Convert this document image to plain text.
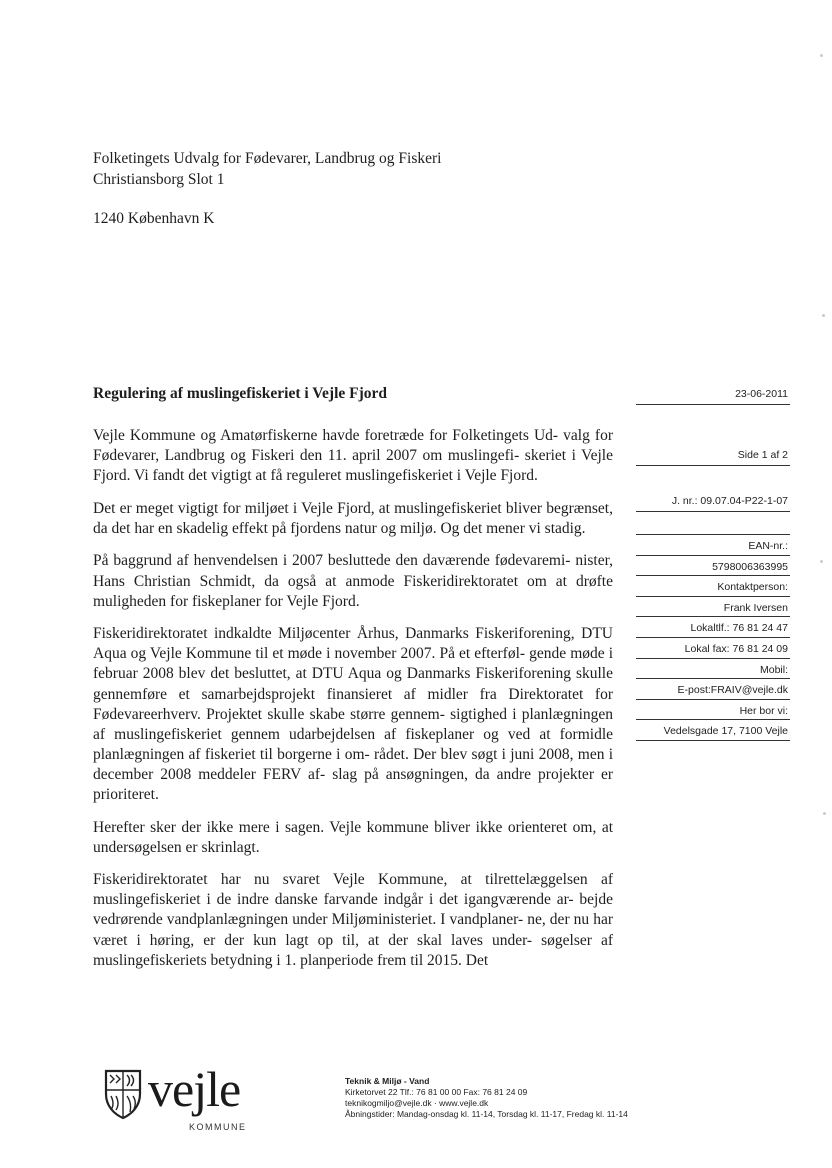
Folketingets Udvalg for Fødevarer, Landbrug og Fiskeri
Christiansborg Slot 1
1240 København K
Regulering af muslingefiskeriet i Vejle Fjord

Vejle Kommune og Amatørfiskerne havde foretræde for Folketingets Ud- valg for Fødevarer, Landbrug og Fiskeri den 11. april 2007 om muslingefi- skeriet i Vejle Fjord. Vi fandt det vigtigt at få reguleret muslingefiskeriet i Vejle Fjord.

Det er meget vigtigt for miljøet i Vejle Fjord, at muslingefiskeriet bliver begrænset, da det har en skadelig effekt på fjordens natur og miljø. Og det mener vi stadig.

På baggrund af henvendelsen i 2007 besluttede den daværende fødevaremi- nister, Hans Christian Schmidt, da også at anmode Fiskeridirektoratet om at drøfte muligheden for fiskeplaner for Vejle Fjord.

Fiskeridirektoratet indkaldte Miljøcenter Århus, Danmarks Fiskeriforening, DTU Aqua og Vejle Kommune til et møde i november 2007. På et efterføl- gende møde i februar 2008 blev det besluttet, at DTU Aqua og Danmarks Fiskeriforening skulle gennemføre et samarbejdsprojekt finansieret af midler fra Direktoratet for Fødevareerhverv. Projektet skulle skabe større gennem- sigtighed i planlægningen af muslingefiskeriet gennem udarbejdelsen af fiskeplaner og ved at formidle planlægningen af fiskeriet til borgerne i om- rådet. Der blev søgt i juni 2008, men i december 2008 meddeler FERV af- slag på ansøgningen, da andre projekter er prioriteret.

Herefter sker der ikke mere i sagen. Vejle kommune bliver ikke orienteret om, at undersøgelsen er skrinlagt.

Fiskeridirektoratet har nu svaret Vejle Kommune, at tilrettelæggelsen af muslingefiskeriet i de indre danske farvande indgår i det igangværende ar- bejde vedrørende vandplanlægningen under Miljøministeriet. I vandplaner- ne, der nu har været i høring, er der kun lagt op til, at der skal laves under- søgelser af muslingefiskeriets betydning i 1. planperiode frem til 2015. Det

23-06-2011
Side 1 af 2
J. nr.: 09.07.04-P22-1-07
EAN-nr.:
5798006363995
Kontaktperson:
Frank Iversen
Lokaltlf.: 76 81 24 47
Lokal fax: 76 81 24 09
Mobil:
E-post:FRAIV@vejle.dk
Her bor vi:
Vedelsgade 17, 7100 Vejle
vejle
KOMMUNE
Teknik & Miljø - Vand
Kirketorvet 22 Tlf.: 76 81 00 00 Fax: 76 81 24 09
teknikogmiljo@vejle.dk · www.vejle.dk
Åbningstider: Mandag-onsdag kl. 11-14, Torsdag kl. 11-17, Fredag kl. 11-14
